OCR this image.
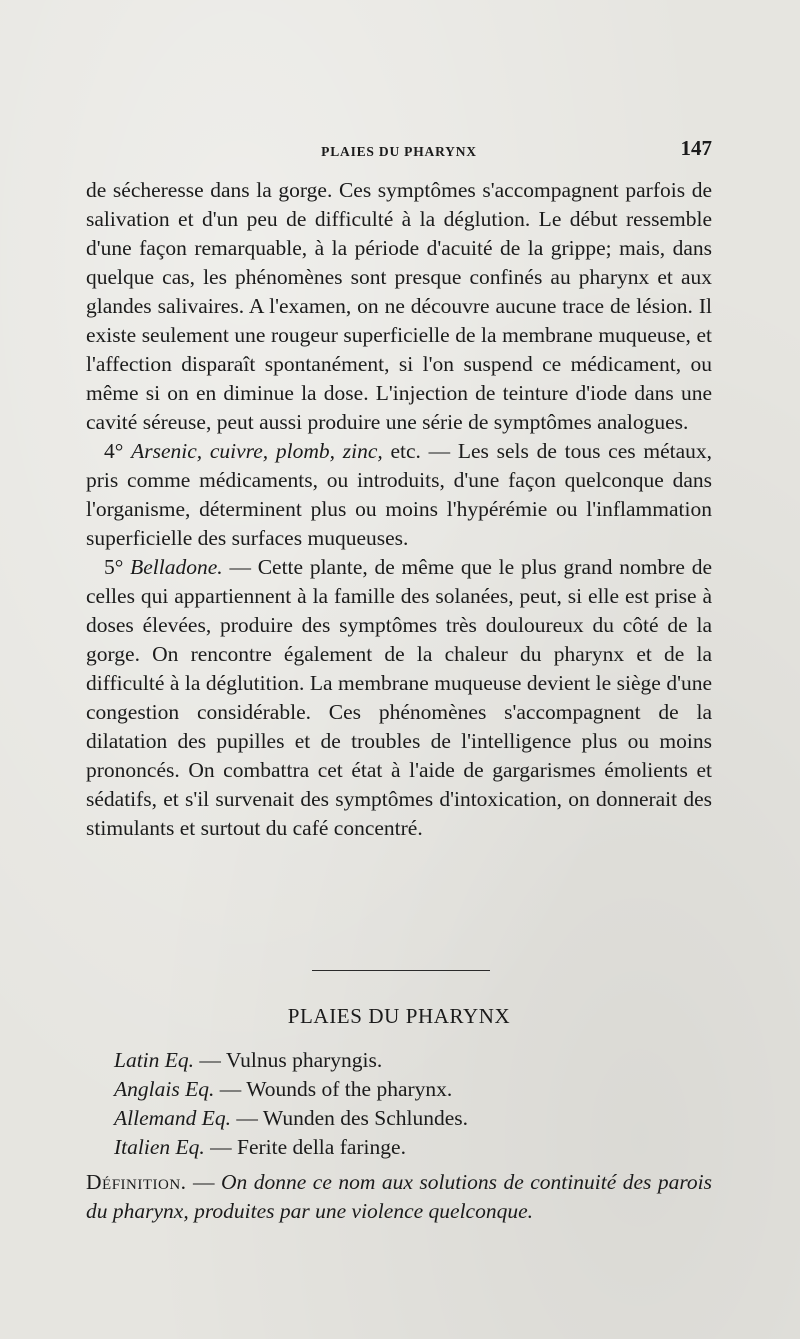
PLAIES DU PHARYNX	147

de sécheresse dans la gorge. Ces symptômes s'accompagnent parfois de salivation et d'un peu de difficulté à la déglution. Le début ressemble d'une façon remarquable, à la période d'acuité de la grippe; mais, dans quelque cas, les phénomènes sont presque confinés au pharynx et aux glandes salivaires. A l'examen, on ne découvre aucune trace de lésion. Il existe seulement une rougeur superficielle de la membrane muqueuse, et l'affection disparaît spontanément, si l'on suspend ce médicament, ou même si on en diminue la dose. L'injection de teinture d'iode dans une cavité séreuse, peut aussi produire une série de symptômes analogues.

4° Arsenic, cuivre, plomb, zinc, etc. — Les sels de tous ces métaux, pris comme médicaments, ou introduits, d'une façon quelconque dans l'organisme, déterminent plus ou moins l'hypérémie ou l'inflammation superficielle des surfaces muqueuses.

5° Belladone. — Cette plante, de même que le plus grand nombre de celles qui appartiennent à la famille des solanées, peut, si elle est prise à doses élevées, produire des symptômes très douloureux du côté de la gorge. On rencontre également de la chaleur du pharynx et de la difficulté à la déglutition. La membrane muqueuse devient le siège d'une congestion considérable. Ces phénomènes s'accompagnent de la dilatation des pupilles et de troubles de l'intelligence plus ou moins prononcés. On combattra cet état à l'aide de gargarismes émolients et sédatifs, et s'il survenait des symptômes d'intoxication, on donnerait des stimulants et surtout du café concentré.

PLAIES DU PHARYNX
Latin Eq. — Vulnus pharyngis.
Anglais Eq. — Wounds of the pharynx.
Allemand Eq. — Wunden des Schlundes.
Italien Eq. — Ferite della faringe.
Définition. — On donne ce nom aux solutions de continuité des parois du pharynx, produites par une violence quelconque.
